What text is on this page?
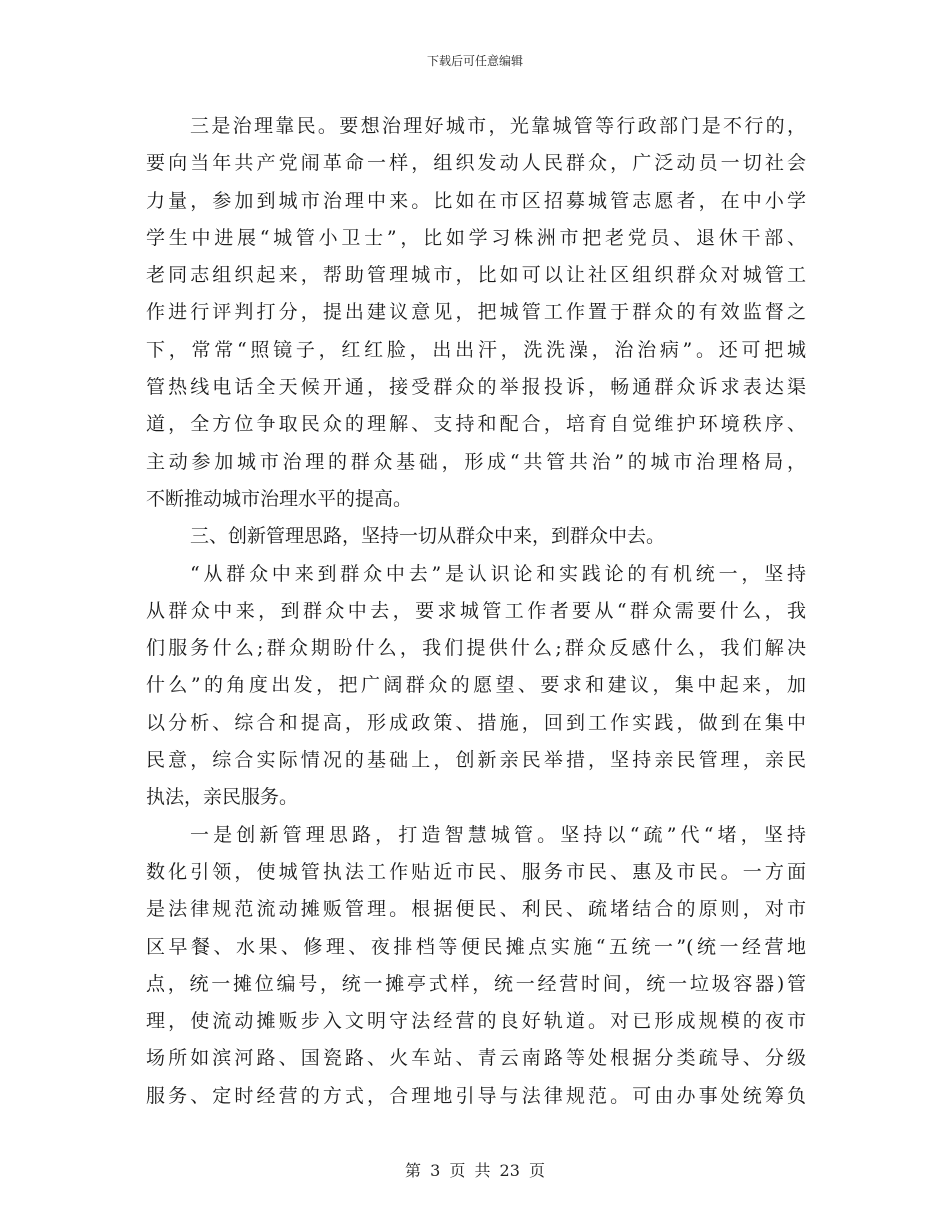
下载后可任意编辑
三是治理靠民。要想治理好城市，光靠城管等行政部门是不行的，
要向当年共产党闹革命一样，组织发动人民群众，广泛动员一切社会
力量，参加到城市治理中来。比如在市区招募城管志愿者，在中小学
学生中进展“城管小卫士”，比如学习株洲市把老党员、退休干部、
老同志组织起来，帮助管理城市，比如可以让社区组织群众对城管工
作进行评判打分，提出建议意见，把城管工作置于群众的有效监督之
下，常常“照镜子，红红脸，出出汗，洗洗澡，治治病”。还可把城
管热线电话全天候开通，接受群众的举报投诉，畅通群众诉求表达渠
道，全方位争取民众的理解、支持和配合，培育自觉维护环境秩序、
主动参加城市治理的群众基础，形成“共管共治”的城市治理格局，
不断推动城市治理水平的提高。
三、创新管理思路，坚持一切从群众中来，到群众中去。
“从群众中来到群众中去”是认识论和实践论的有机统一，坚持
从群众中来，到群众中去，要求城管工作者要从“群众需要什么，我
们服务什么;群众期盼什么，我们提供什么;群众反感什么，我们解决
什么”的角度出发，把广阔群众的愿望、要求和建议，集中起来，加
以分析、综合和提高，形成政策、措施，回到工作实践，做到在集中
民意，综合实际情况的基础上，创新亲民举措，坚持亲民管理，亲民
执法，亲民服务。
一是创新管理思路，打造智慧城管。坚持以“疏”代“堵，坚持
数化引领，使城管执法工作贴近市民、服务市民、惠及市民。一方面
是法律规范流动摊贩管理。根据便民、利民、疏堵结合的原则，对市
区早餐、水果、修理、夜排档等便民摊点实施“五统一”(统一经营地
点，统一摊位编号，统一摊亭式样，统一经营时间，统一垃圾容器)管
理，使流动摊贩步入文明守法经营的良好轨道。对已形成规模的夜市
场所如滨河路、国瓷路、火车站、青云南路等处根据分类疏导、分级
服务、定时经营的方式，合理地引导与法律规范。可由办事处统筹负
第 3 页 共 23 页
